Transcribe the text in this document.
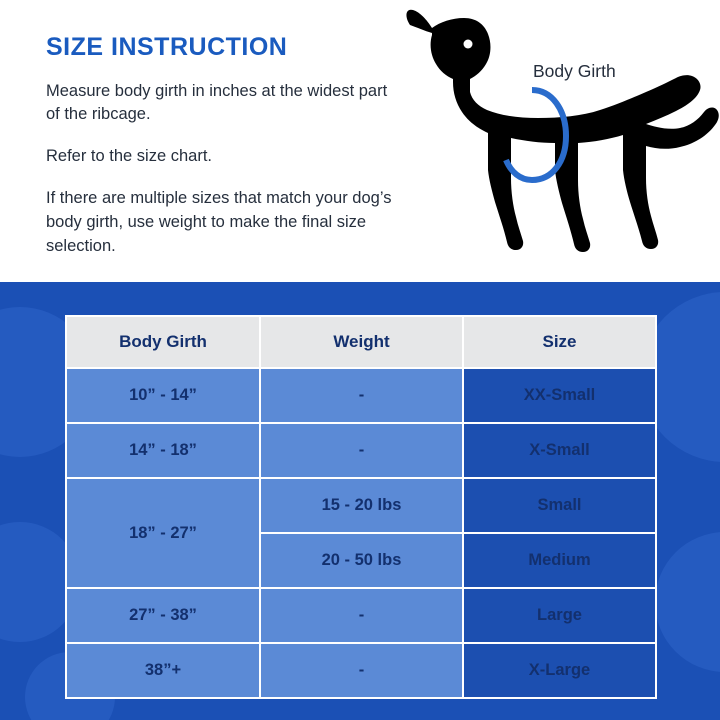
SIZE INSTRUCTION

Measure body girth in inches at the widest part of the ribcage.

Refer to the size chart.

If there are multiple sizes that match your dog’s body girth, use weight to make the final size selection.

Body Girth
Body Girth	Weight	Size
10” - 14”	-	XX-Small
14” - 18”	-	X-Small
18” - 27”	15 - 20 lbs	Small
	20 - 50 lbs	Medium
27” - 38”	-	Large
38”+	-	X-Large
